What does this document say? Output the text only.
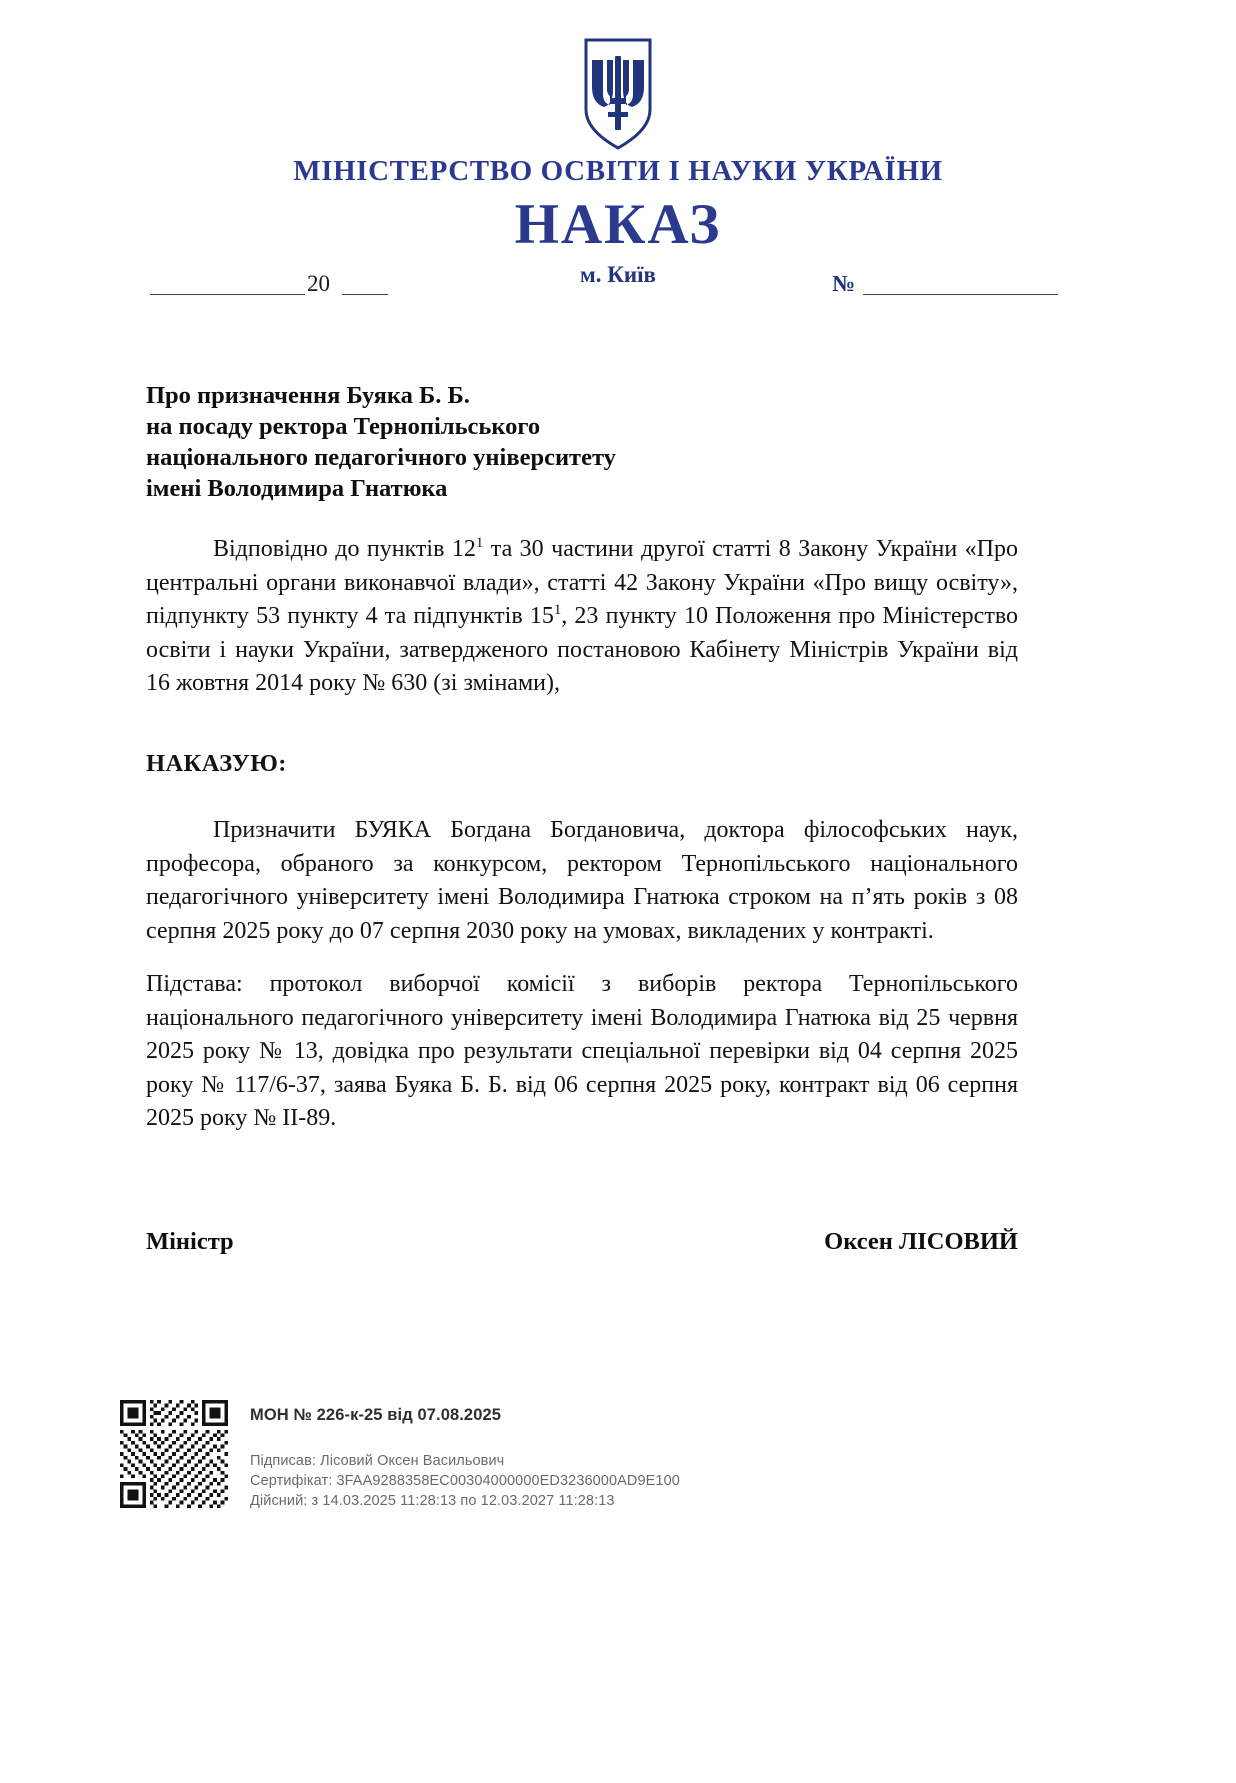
МІНІСТЕРСТВО ОСВІТИ І НАУКИ УКРАЇНИ
НАКАЗ
м. Київ
20	№
Про призначення Буяка Б. Б.
на посаду ректора Тернопільського
національного педагогічного університету
імені Володимира Гнатюка

Відповідно до пунктів $12^1$ та 30 частини другої статті 8 Закону України «Про центральні органи виконавчої влади», статті 42 Закону України «Про вищу освіту», підпункту 53 пункту 4 та підпунктів $15^1$, 23 пункту 10 Положення про Міністерство освіти і науки України, затвердженого постановою Кабінету Міністрів України від 16 жовтня 2014 року № 630 (зі змінами),

НАКАЗУЮ:

Призначити БУЯКА Богдана Богдановича, доктора філософських наук, професора, обраного за конкурсом, ректором Тернопільського національного педагогічного університету імені Володимира Гнатюка строком на п’ять років з 08 серпня 2025 року до 07 серпня 2030 року на умовах, викладених у контракті.

Підстава: протокол виборчої комісії з виборів ректора Тернопільського національного педагогічного університету імені Володимира Гнатюка від 25 червня 2025 року № 13, довідка про результати спеціальної перевірки від 04 серпня 2025 року № 117/6-37, заява Буяка Б. Б. від 06 серпня 2025 року, контракт від 06 серпня 2025 року № ІІ-89.

Міністр	Оксен ЛІСОВИЙ
МОН № 226-к-25 від 07.08.2025
Підписав: Лісовий Оксен Васильович
Сертифікат: 3FAA9288358EC00304000000ED3236000AD9E100
Дійсний: з 14.03.2025 11:28:13 по 12.03.2027 11:28:13
